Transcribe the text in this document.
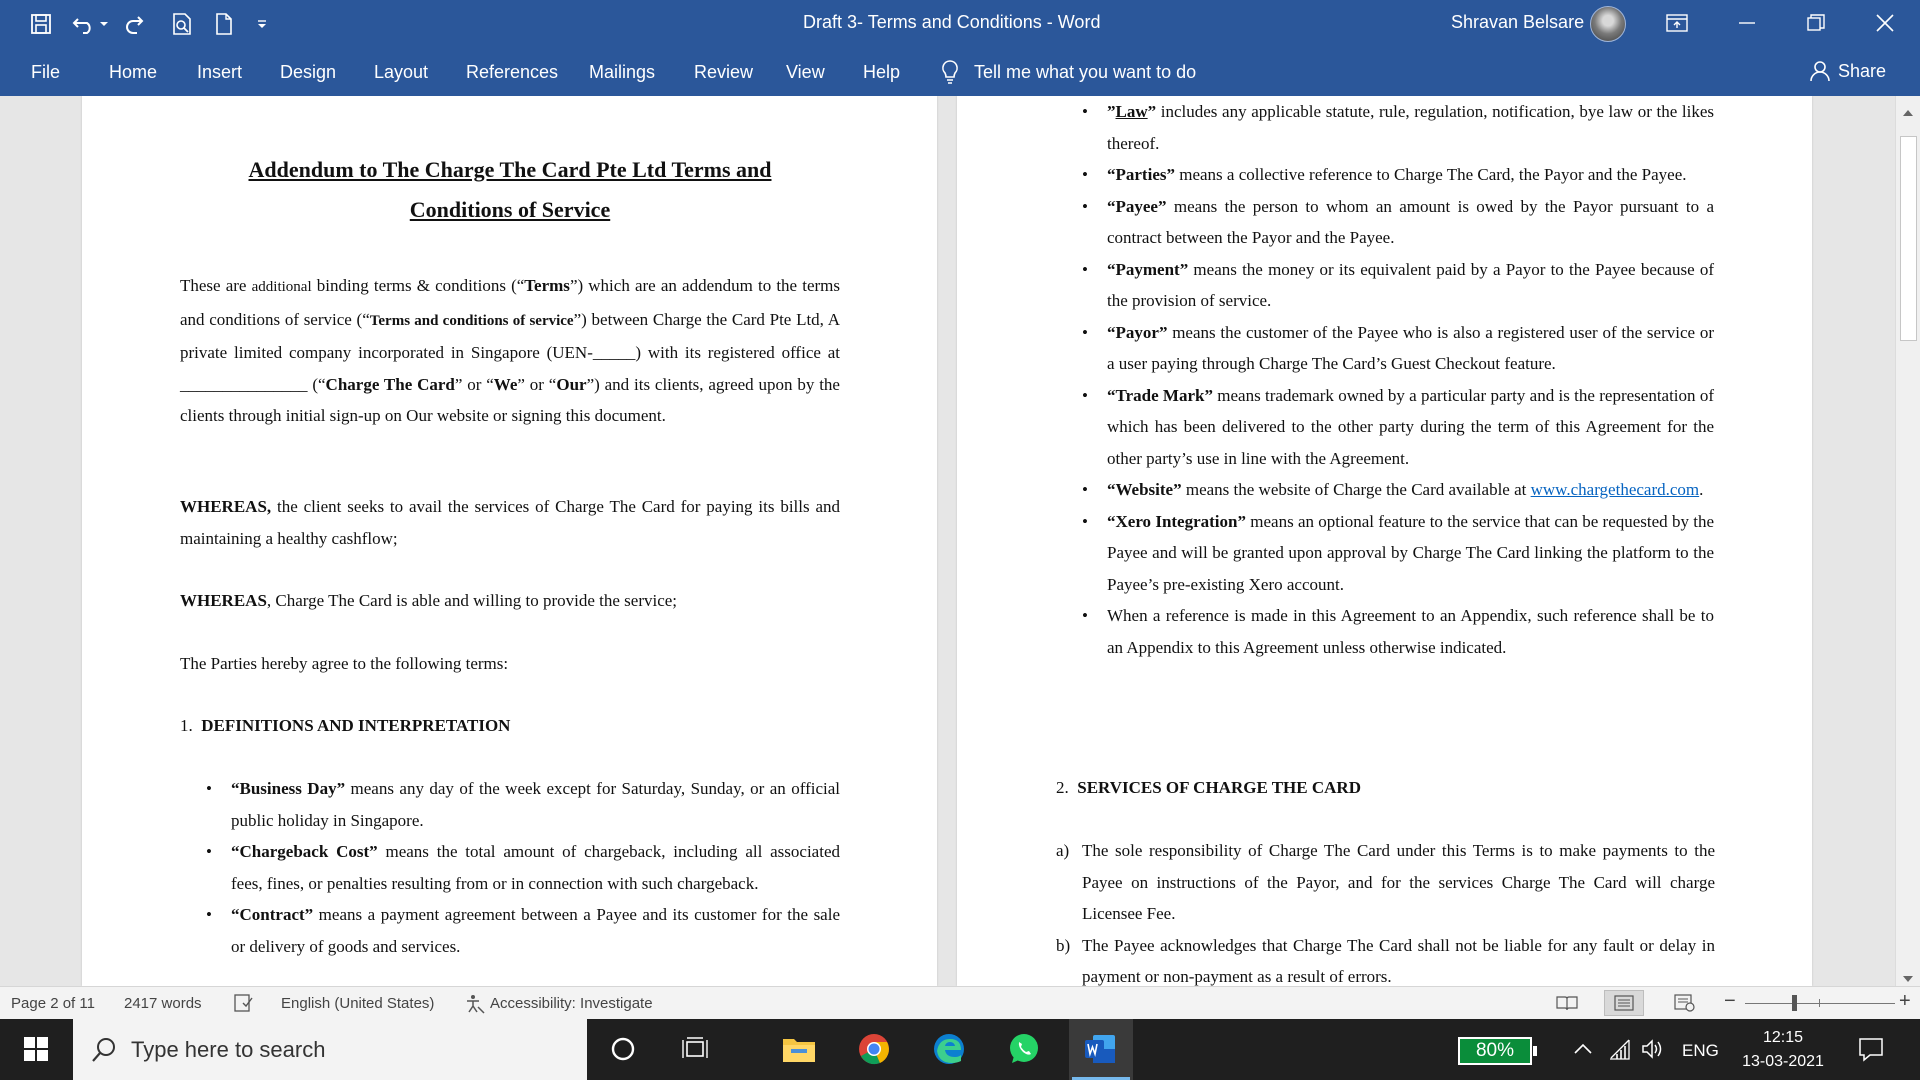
Draft 3- Terms and Conditions - Word	Shravan Belsare
File	Home Insert Design Layout References Mailings Review View Help	Tell me what you want to do	Share
Addendum to The Charge The Card Pte Ltd Terms and
Conditions of Service
These are additional binding terms & conditions (“Terms”) which are an addendum to the terms and conditions of service (“Terms and conditions of service”) between Charge the Card Pte Ltd, A private limited company incorporated in Singapore (UEN-_____) with its registered office at _______________ (“Charge The Card” or “We” or “Our”) and its clients, agreed upon by the clients through initial sign-up on Our website or signing this document.
WHEREAS, the client seeks to avail the services of Charge The Card for paying its bills and maintaining a healthy cashflow;
WHEREAS, Charge The Card is able and willing to provide the service;
The Parties hereby agree to the following terms:
1. DEFINITIONS AND INTERPRETATION
• “Business Day” means any day of the week except for Saturday, Sunday, or an official public holiday in Singapore.
• “Chargeback Cost” means the total amount of chargeback, including all associated fees, fines, or penalties resulting from or in connection with such chargeback.
• “Contract” means a payment agreement between a Payee and its customer for the sale or delivery of goods and services.
• ”Law” includes any applicable statute, rule, regulation, notification, bye law or the likes thereof.
• “Parties” means a collective reference to Charge The Card, the Payor and the Payee.
• “Payee” means the person to whom an amount is owed by the Payor pursuant to a contract between the Payor and the Payee.
• “Payment” means the money or its equivalent paid by a Payor to the Payee because of the provision of service.
• “Payor” means the customer of the Payee who is also a registered user of the service or a user paying through Charge The Card’s Guest Checkout feature.
• “Trade Mark” means trademark owned by a particular party and is the representation of which has been delivered to the other party during the term of this Agreement for the other party’s use in line with the Agreement.
• “Website” means the website of Charge the Card available at www.chargethecard.com.
• “Xero Integration” means an optional feature to the service that can be requested by the Payee and will be granted upon approval by Charge The Card linking the platform to the Payee’s pre-existing Xero account.
• When a reference is made in this Agreement to an Appendix, such reference shall be to an Appendix to this Agreement unless otherwise indicated.
2. SERVICES OF CHARGE THE CARD
a) The sole responsibility of Charge The Card under this Terms is to make payments to the Payee on instructions of the Payor, and for the services Charge The Card will charge Licensee Fee.
b) The Payee acknowledges that Charge The Card shall not be liable for any fault or delay in payment or non-payment as a result of errors.
Page 2 of 11 2417 words	English (United States)	Accessibility: Investigate	−	+
Type here to search	80%	ENG
12:15
13-03-2021
